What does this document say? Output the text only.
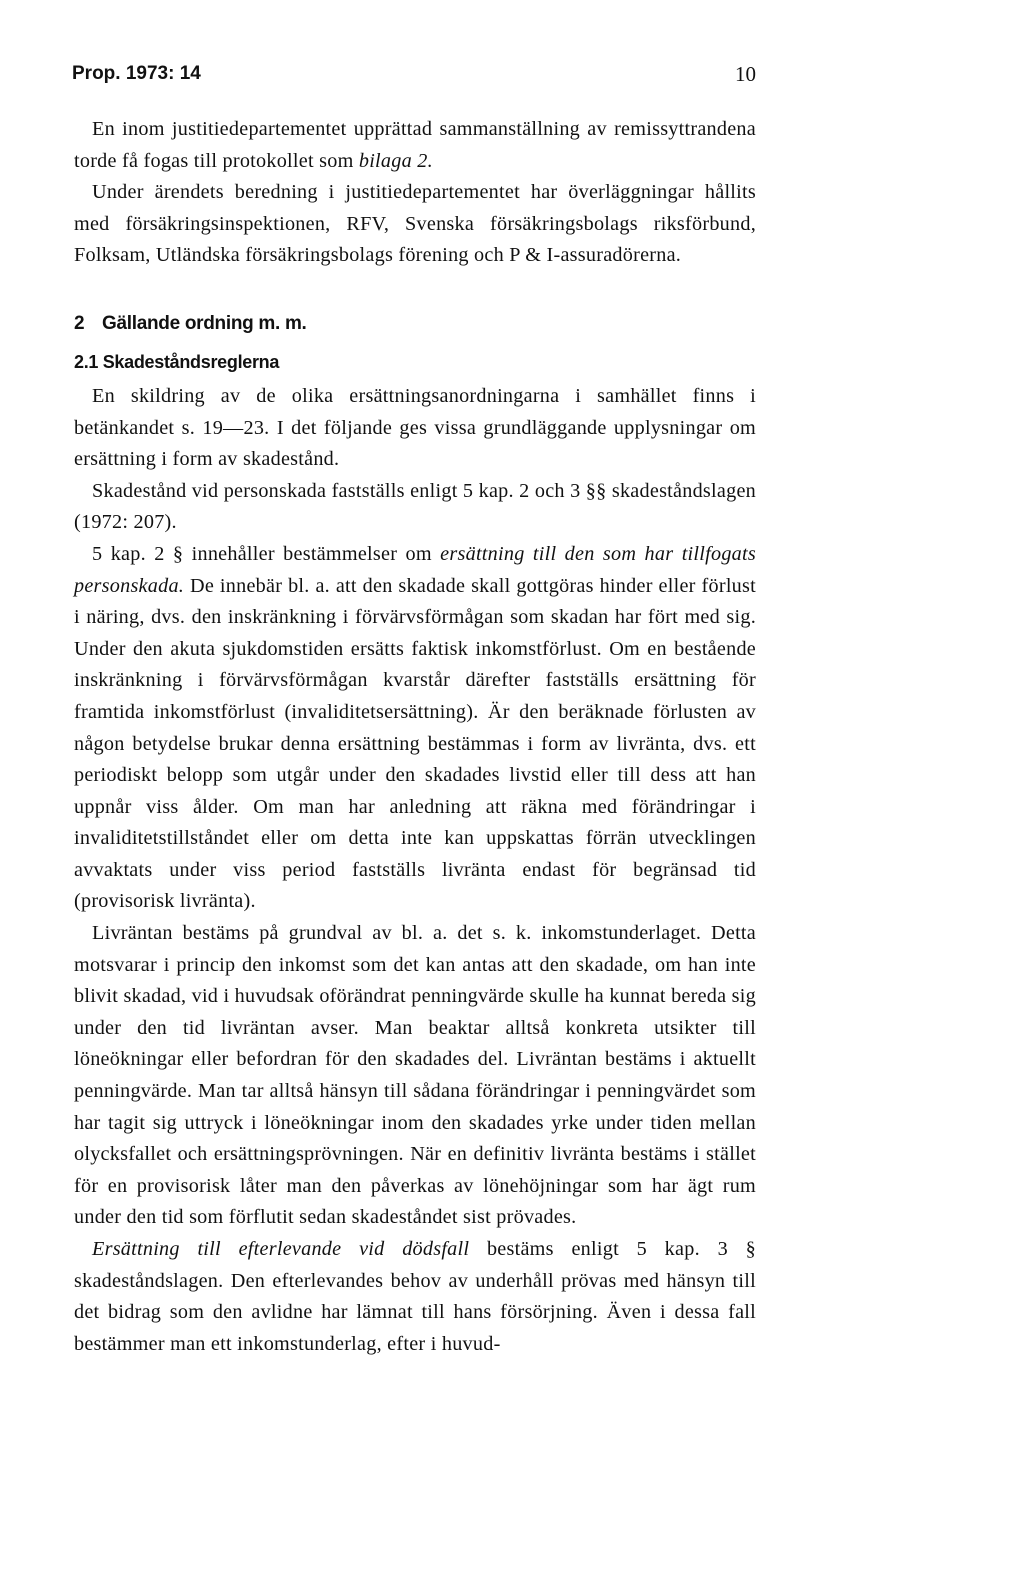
Prop. 1973: 14	10

En inom justitiedepartementet upprättad sammanställning av remissyttrandena torde få fogas till protokollet som bilaga 2.

Under ärendets beredning i justitiedepartementet har överläggningar hållits med försäkringsinspektionen, RFV, Svenska försäkringsbolags riksförbund, Folksam, Utländska försäkringsbolags förening och P & I-assuradörerna.

2 Gällande ordning m. m.
2.1 Skadeståndsreglerna

En skildring av de olika ersättningsanordningarna i samhället finns i betänkandet s. 19—23. I det följande ges vissa grundläggande upplysningar om ersättning i form av skadestånd.

Skadestånd vid personskada fastställs enligt 5 kap. 2 och 3 §§ skadeståndslagen (1972: 207).

5 kap. 2 § innehåller bestämmelser om ersättning till den som har tillfogats personskada. De innebär bl. a. att den skadade skall gottgöras hinder eller förlust i näring, dvs. den inskränkning i förvärvsförmågan som skadan har fört med sig. Under den akuta sjukdomstiden ersätts faktisk inkomstförlust. Om en bestående inskränkning i förvärvsförmågan kvarstår därefter fastställs ersättning för framtida inkomstförlust (invaliditetsersättning). Är den beräknade förlusten av någon betydelse brukar denna ersättning bestämmas i form av livränta, dvs. ett periodiskt belopp som utgår under den skadades livstid eller till dess att han uppnår viss ålder. Om man har anledning att räkna med förändringar i invaliditetstillståndet eller om detta inte kan uppskattas förrän utvecklingen avvaktats under viss period fastställs livränta endast för begränsad tid (provisorisk livränta).

Livräntan bestäms på grundval av bl. a. det s. k. inkomstunderlaget. Detta motsvarar i princip den inkomst som det kan antas att den skadade, om han inte blivit skadad, vid i huvudsak oförändrat penningvärde skulle ha kunnat bereda sig under den tid livräntan avser. Man beaktar alltså konkreta utsikter till löneökningar eller befordran för den skadades del. Livräntan bestäms i aktuellt penningvärde. Man tar alltså hänsyn till sådana förändringar i penningvärdet som har tagit sig uttryck i löneökningar inom den skadades yrke under tiden mellan olycksfallet och ersättningsprövningen. När en definitiv livränta bestäms i stället för en provisorisk låter man den påverkas av lönehöjningar som har ägt rum under den tid som förflutit sedan skadeståndet sist prövades.

Ersättning till efterlevande vid dödsfall bestäms enligt 5 kap. 3 § skadeståndslagen. Den efterlevandes behov av underhåll prövas med hänsyn till det bidrag som den avlidne har lämnat till hans försörjning. Även i dessa fall bestämmer man ett inkomstunderlag, efter i huvud-
